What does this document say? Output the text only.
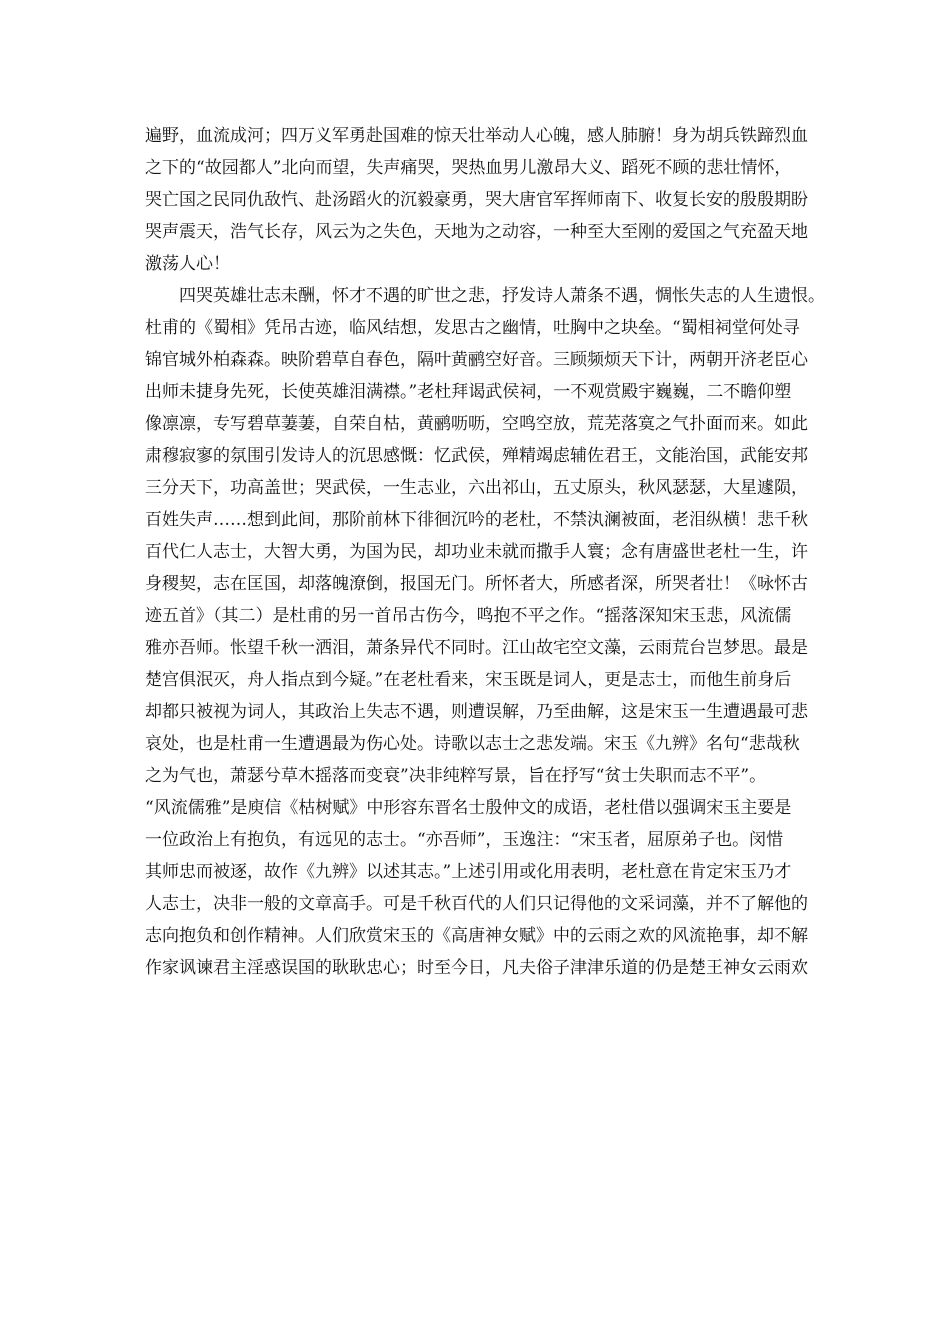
遍野，血流成河；四万义军勇赴国难的惊天壮举动人心魄，感人肺腑！身为胡兵铁蹄烈血
之下的“故园都人”北向而望，失声痛哭，哭热血男儿激昂大义、蹈死不顾的悲壮情怀，
哭亡国之民同仇敌忾、赴汤蹈火的沉毅豪勇，哭大唐官军挥师南下、收复长安的殷殷期盼
哭声震天，浩气长存，风云为之失色，天地为之动容，一种至大至刚的爱国之气充盈天地
激荡人心！
四哭英雄壮志未酬，怀才不遇的旷世之悲，抒发诗人萧条不遇，惆怅失志的人生遗恨。
杜甫的《蜀相》凭吊古迹，临风结想，发思古之幽情，吐胸中之块垒。“蜀相祠堂何处寻
锦官城外柏森森。映阶碧草自春色，隔叶黄鹂空好音。三顾频烦天下计，两朝开济老臣心
出师未捷身先死，长使英雄泪满襟。”老杜拜谒武侯祠，一不观赏殿宇巍巍，二不瞻仰塑
像凛凛，专写碧草萋萋，自荣自枯，黄鹂呖呖，空鸣空放，荒芜落寞之气扑面而来。如此
肃穆寂寥的氛围引发诗人的沉思感慨：忆武侯，殚精竭虑辅佐君王，文能治国，武能安邦
三分天下，功高盖世；哭武侯，一生志业，六出祁山，五丈原头，秋风瑟瑟，大星遽陨，
百姓失声……想到此间，那阶前林下徘徊沉吟的老杜，不禁汍澜被面，老泪纵横！悲千秋
百代仁人志士，大智大勇，为国为民，却功业未就而撒手人寰；念有唐盛世老杜一生，许
身稷契，志在匡国，却落魄潦倒，报国无门。所怀者大，所感者深，所哭者壮！《咏怀古
迹五首》（其二）是杜甫的另一首吊古伤今，鸣抱不平之作。“摇落深知宋玉悲，风流儒
雅亦吾师。怅望千秋一洒泪，萧条异代不同时。江山故宅空文藻，云雨荒台岂梦思。最是
楚宫俱泯灭，舟人指点到今疑。”在老杜看来，宋玉既是词人，更是志士，而他生前身后
却都只被视为词人，其政治上失志不遇，则遭误解，乃至曲解，这是宋玉一生遭遇最可悲
哀处，也是杜甫一生遭遇最为伤心处。诗歌以志士之悲发端。宋玉《九辨》名句“悲哉秋
之为气也，萧瑟兮草木摇落而变衰”决非纯粹写景，旨在抒写“贫士失职而志不平”。
“风流儒雅”是庾信《枯树赋》中形容东晋名士殷仲文的成语，老杜借以强调宋玉主要是
一位政治上有抱负，有远见的志士。“亦吾师”，玉逸注：“宋玉者，屈原弟子也。闵惜
其师忠而被逐，故作《九辨》以述其志。”上述引用或化用表明，老杜意在肯定宋玉乃才
人志士，决非一般的文章高手。可是千秋百代的人们只记得他的文采词藻，并不了解他的
志向抱负和创作精神。人们欣赏宋玉的《高唐神女赋》中的云雨之欢的风流艳事，却不解
作家讽谏君主淫惑误国的耿耿忠心；时至今日，凡夫俗子津津乐道的仍是楚王神女云雨欢
